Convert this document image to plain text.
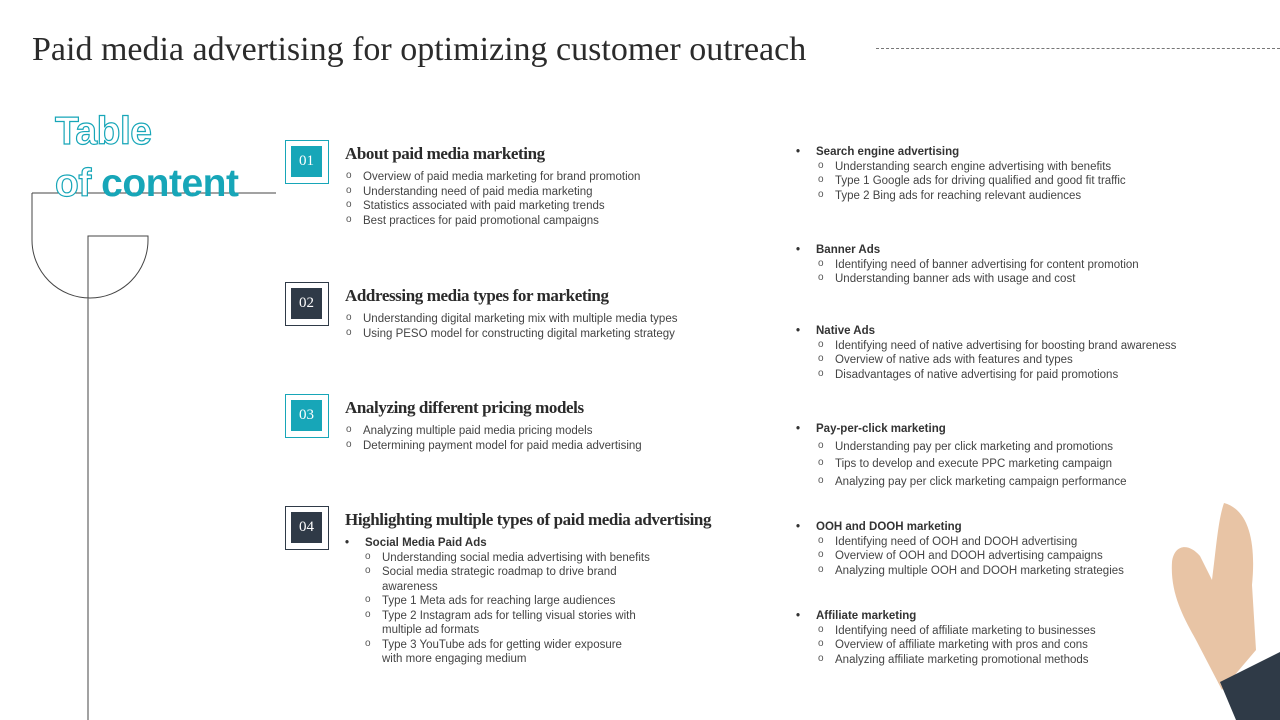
Paid media advertising for optimizing customer outreach
Table
of content
01	About paid media marketing
o Overview of paid media marketing for brand promotion
o Understanding need of paid media marketing
o Statistics associated with paid marketing trends
o Best practices for paid promotional campaigns
02	Addressing media types for marketing
o Understanding digital marketing mix with multiple media types
o Using PESO model for constructing digital marketing strategy
03	Analyzing different pricing models
o Analyzing multiple paid media pricing models
o Determining payment model for paid media advertising
04	Highlighting multiple types of paid media advertising
• Social Media Paid Ads
o Understanding social media advertising with benefits
o Social media strategic roadmap to drive brand awareness
o Type 1 Meta ads for reaching large audiences
o Type 2 Instagram ads for telling visual stories with multiple ad formats
o Type 3 YouTube ads for getting wider exposure with more engaging medium
• Search engine advertising
o Understanding search engine advertising with benefits
o Type 1 Google ads for driving qualified and good fit traffic
o Type 2 Bing ads for reaching relevant audiences
• Banner Ads
o Identifying need of banner advertising for content promotion
o Understanding banner ads with usage and cost
• Native Ads
o Identifying need of native advertising for boosting brand awareness
o Overview of native ads with features and types
o Disadvantages of native advertising for paid promotions
• Pay-per-click marketing
o Understanding pay per click marketing and promotions
o Tips to develop and execute PPC marketing campaign
o Analyzing pay per click marketing campaign performance
• OOH and DOOH marketing
o Identifying need of OOH and DOOH advertising
o Overview of OOH and DOOH advertising campaigns
o Analyzing multiple OOH and DOOH marketing strategies
• Affiliate marketing
o Identifying need of affiliate marketing to businesses
o Overview of affiliate marketing with pros and cons
o Analyzing affiliate marketing promotional methods
